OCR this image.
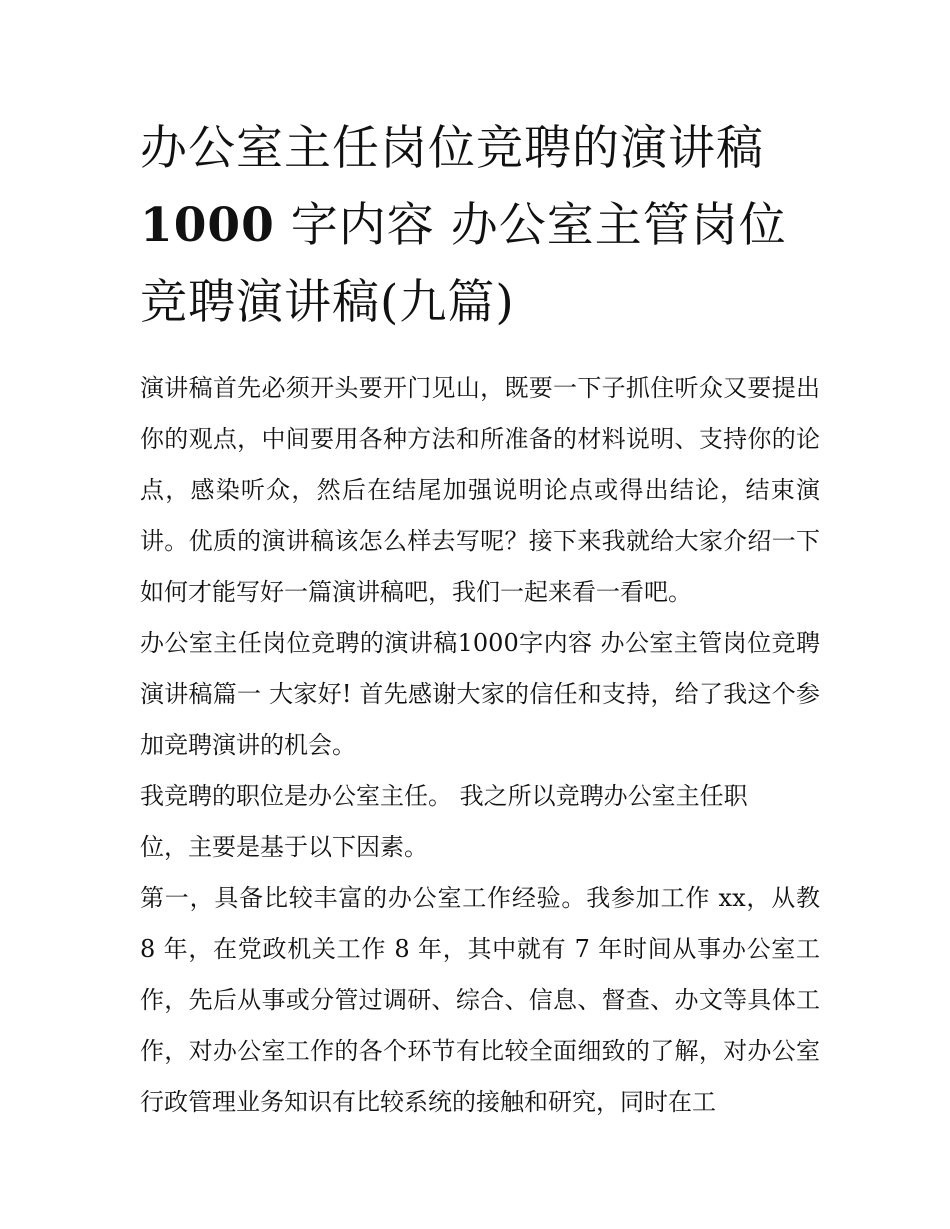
办公室主任岗位竞聘的演讲稿
1000 字内容 办公室主管岗位
竞聘演讲稿(九篇)

演讲稿首先必须开头要开门见山，既要一下子抓住听众又要提出你的观点，中间要用各种方法和所准备的材料说明、支持你的论点，感染听众，然后在结尾加强说明论点或得出结论，结束演讲。优质的演讲稿该怎么样去写呢？接下来我就给大家介绍一下如何才能写好一篇演讲稿吧，我们一起来看一看吧。

办公室主任岗位竞聘的演讲稿1000字内容 办公室主管岗位竞聘演讲稿篇一 大家好! 首先感谢大家的信任和支持，给了我这个参加竞聘演讲的机会。

我竞聘的职位是办公室主任。 我之所以竞聘办公室主任职

位，主要是基于以下因素。

第一，具备比较丰富的办公室工作经验。我参加工作 xx，从教 8 年，在党政机关工作 8 年，其中就有 7 年时间从事办公室工作，先后从事或分管过调研、综合、信息、督查、办文等具体工作，对办公室工作的各个环节有比较全面细致的了解，对办公室行政管理业务知识有比较系统的接触和研究，同时在工
